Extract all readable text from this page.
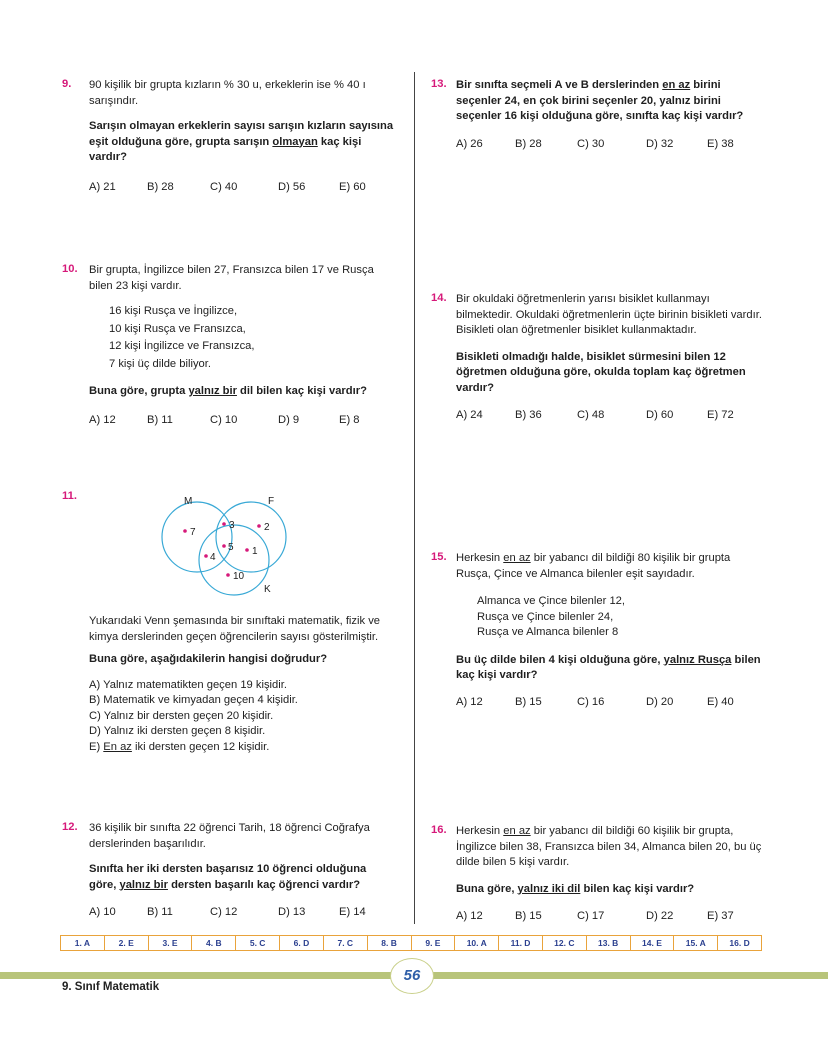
9. 90 kişilik bir grupta kızların % 30 u, erkeklerin ise % 40 ı sarışındır.

Sarışın olmayan erkeklerin sayısı sarışın kızların sayısına eşit olduğuna göre, grupta sarışın olmayan kaç kişi vardır?

A) 21	B) 28	C) 40	D) 56	E) 60
10. Bir grupta, İngilizce bilen 27, Fransızca bilen 17 ve Rusça bilen 23 kişi vardır.

16 kişi Rusça ve İngilizce,
10 kişi Rusça ve Fransızca,
12 kişi İngilizce ve Fransızca,
7 kişi üç dilde biliyor.

Buna göre, grupta yalnız bir dil bilen kaç kişi vardır?

A) 12	B) 11	C) 10	D) 9	E) 8
11.	M	F
K
7
3	2
4
5 1
10

Yukarıdaki Venn şemasında bir sınıftaki matematik, fizik ve kimya derslerinden geçen öğrencilerin sayısı gösterilmiştir.

Buna göre, aşağıdakilerin hangisi doğrudur?

A) Yalnız matematikten geçen 19 kişidir.
B) Matematik ve kimyadan geçen 4 kişidir.
C) Yalnız bir dersten geçen 20 kişidir.
D) Yalnız iki dersten geçen 8 kişidir.
E) En az iki dersten geçen 12 kişidir.
12. 36 kişilik bir sınıfta 22 öğrenci Tarih, 18 öğrenci Coğrafya derslerinden başarılıdır.

Sınıfta her iki dersten başarısız 10 öğrenci olduğuna göre, yalnız bir dersten başarılı kaç öğrenci vardır?

A) 10	B) 11	C) 12	D) 13	E) 14
13. Bir sınıfta seçmeli A ve B derslerinden en az birini seçenler 24, en çok birini seçenler 20, yalnız birini seçenler 16 kişi olduğuna göre, sınıfta kaç kişi vardır?

A) 26	B) 28	C) 30	D) 32	E) 38
14. Bir okuldaki öğretmenlerin yarısı bisiklet kullanmayı bilmektedir. Okuldaki öğretmenlerin üçte birinin bisikleti vardır. Bisikleti olan öğretmenler bisiklet kullanmaktadır.

Bisikleti olmadığı halde, bisiklet sürmesini bilen 12 öğretmen olduğuna göre, okulda toplam kaç öğretmen vardır?

A) 24	B) 36	C) 48	D) 60	E) 72
15. Herkesin en az bir yabancı dil bildiği 80 kişilik bir grupta Rusça, Çince ve Almanca bilenler eşit sayıdadır.

Almanca ve Çince bilenler 12,
Rusça ve Çince bilenler 24,
Rusça ve Almanca bilenler 8

Bu üç dilde bilen 4 kişi olduğuna göre, yalnız Rusça bilen kaç kişi vardır?

A) 12	B) 15	C) 16	D) 20	E) 40
16. Herkesin en az bir yabancı dil bildiği 60 kişilik bir grupta, İngilizce bilen 38, Fransızca bilen 34, Almanca bilen 20, bu üç dilde bilen 5 kişi vardır.

Buna göre, yalnız iki dil bilen kaç kişi vardır?

A) 12	B) 15	C) 17	D) 22	E) 37
1. A	2. E	3. E	4. B	5. C	6. D	7. C	8. B	9. E	10. A	11. D	12. C	13. B	14. E	15. A	16. D
56
9. Sınıf Matematik
